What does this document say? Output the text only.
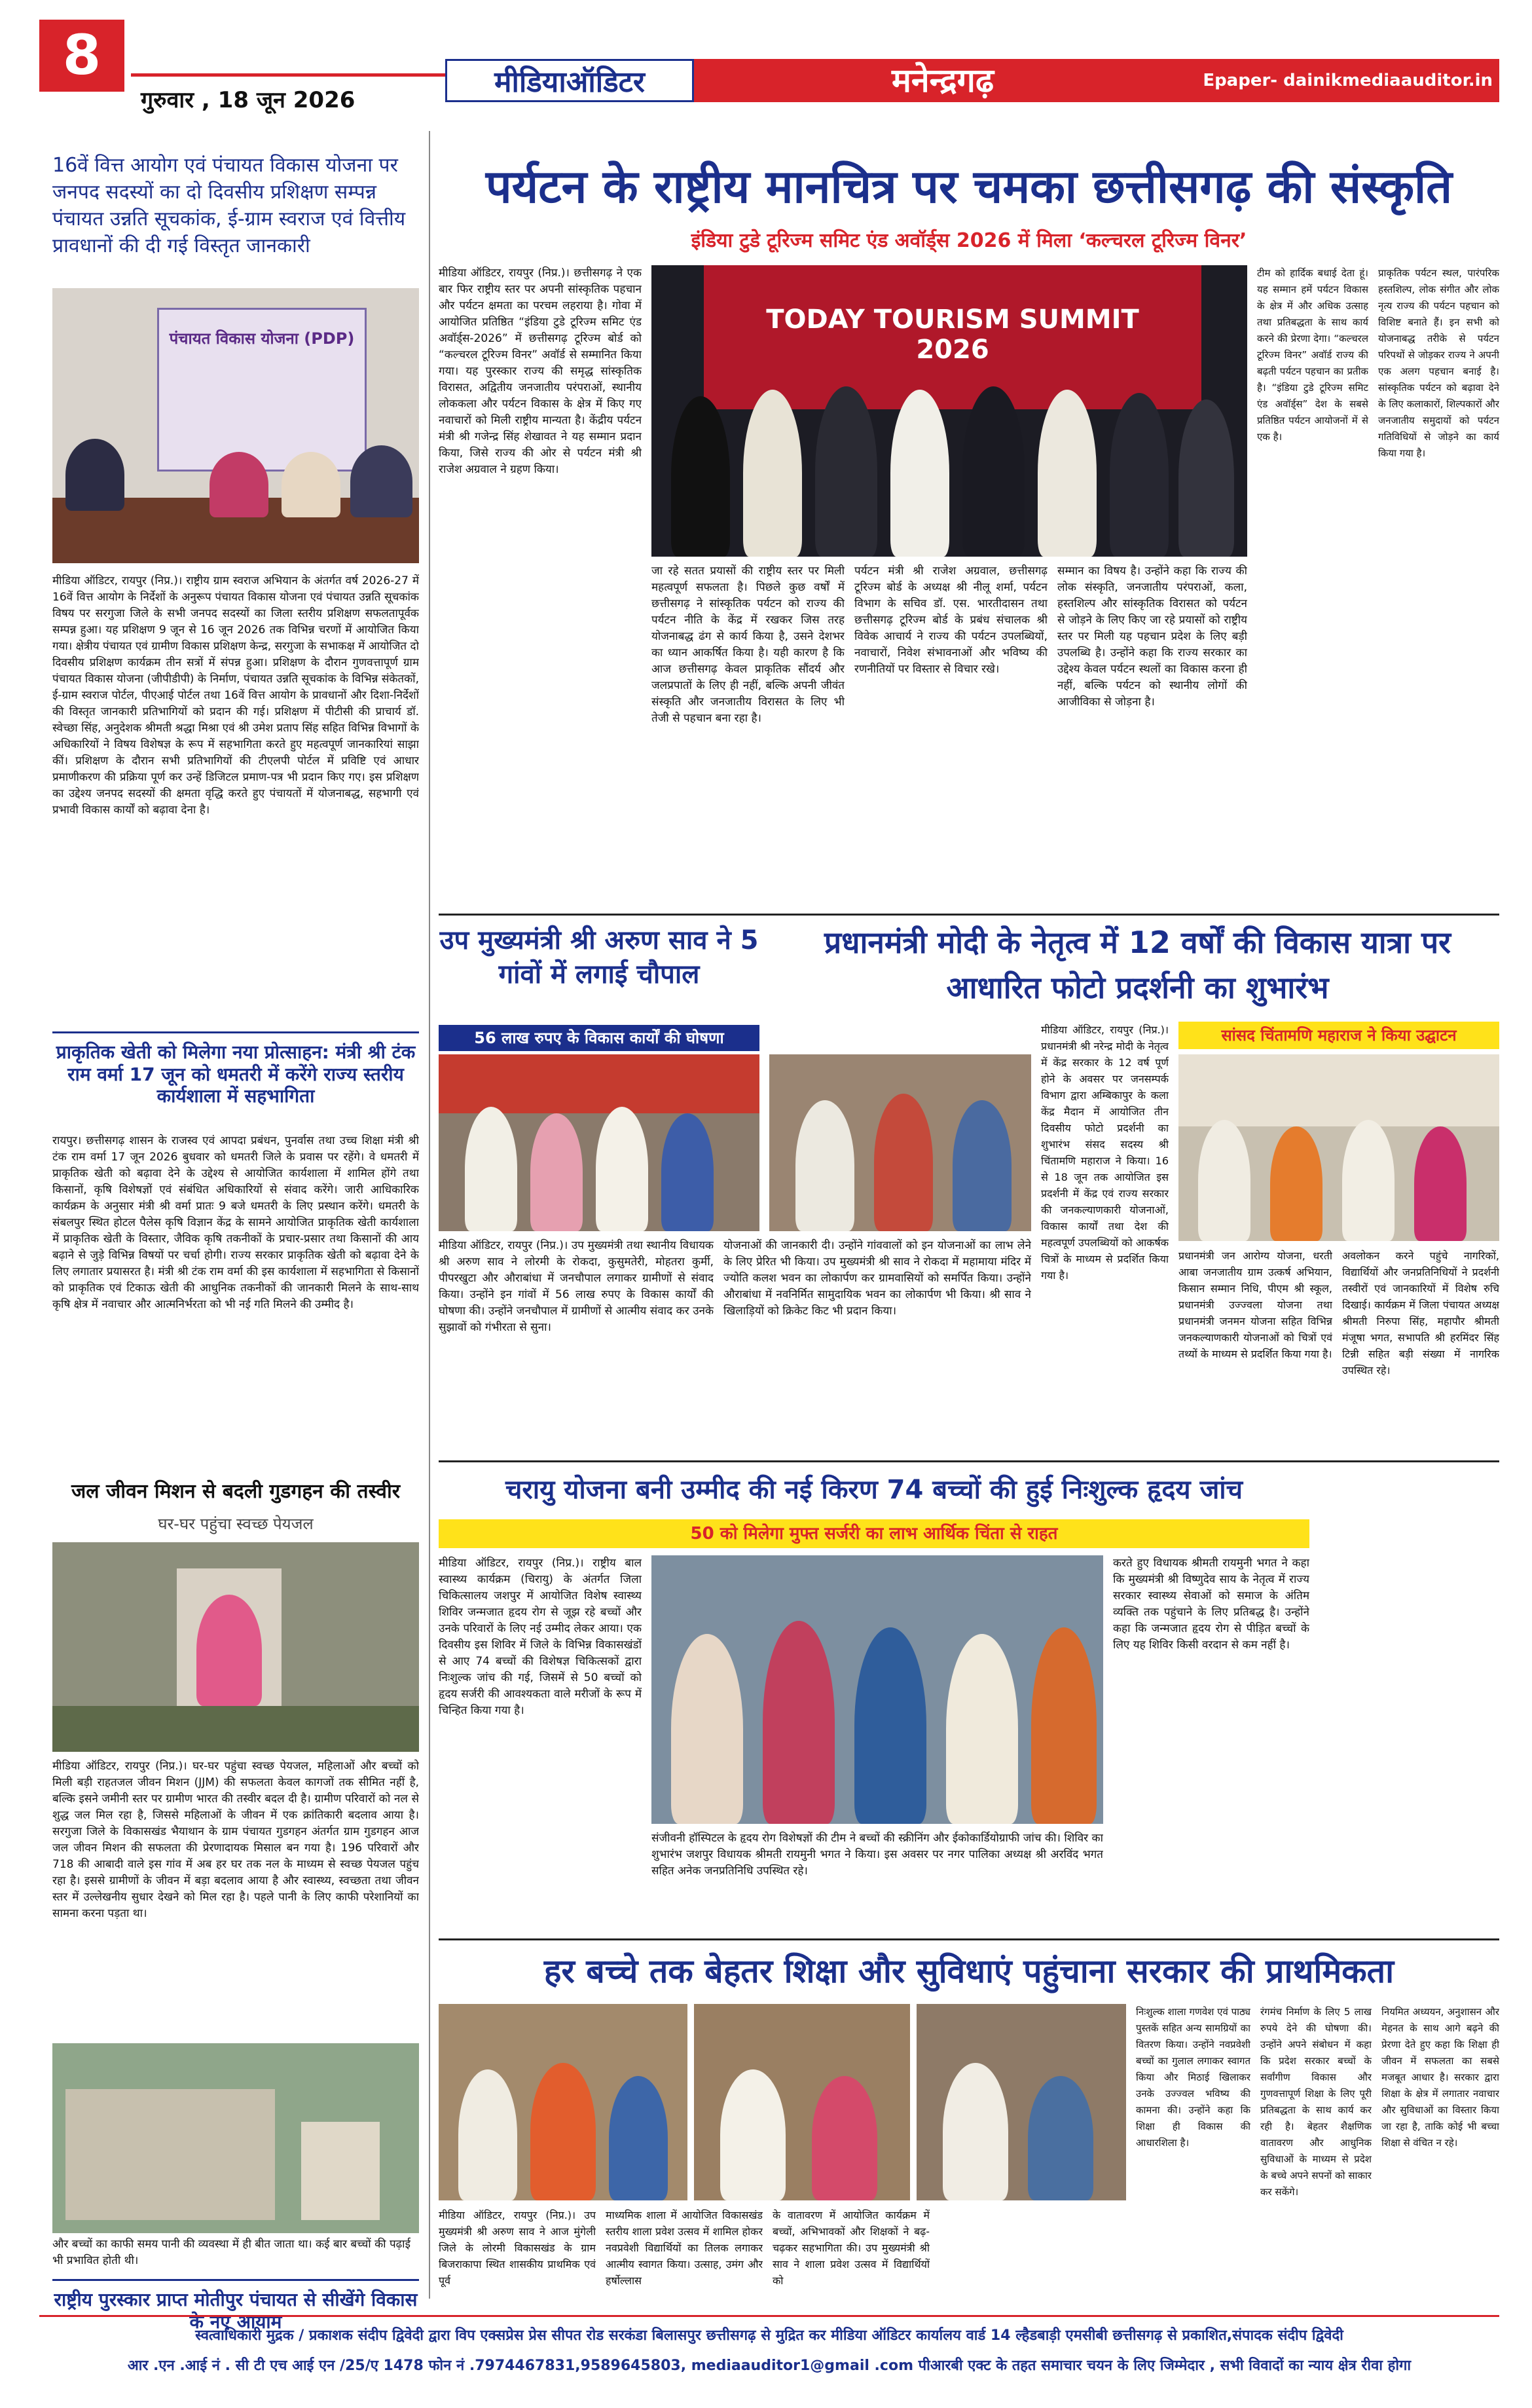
8
गुरुवार , 18 जून 2026
मीडियाऑडिटर	मनेन्द्रगढ़	Epaper- dainikmediaauditor.in
16वें वित्त आयोग एवं पंचायत विकास योजना पर जनपद सदस्यों का दो दिवसीय प्रशिक्षण सम्पन्न पंचायत उन्नति सूचकांक, ई-ग्राम स्वराज एवं वित्तीय प्रावधानों की दी गई विस्तृत जानकारी
पंचायत विकास योजना (PDP)
मीडिया ऑडिटर, रायपुर (निप्र.)। राष्ट्रीय ग्राम स्वराज अभियान के अंतर्गत वर्ष 2026-27 में 16वें वित्त आयोग के निर्देशों के अनुरूप पंचायत विकास योजना एवं पंचायत उन्नति सूचकांक विषय पर सरगुजा जिले के सभी जनपद सदस्यों का जिला स्तरीय प्रशिक्षण सफलतापूर्वक सम्पन्न हुआ। यह प्रशिक्षण 9 जून से 16 जून 2026 तक विभिन्न चरणों में आयोजित किया गया। क्षेत्रीय पंचायत एवं ग्रामीण विकास प्रशिक्षण केन्द्र, सरगुजा के सभाकक्ष में आयोजित दो दिवसीय प्रशिक्षण कार्यक्रम तीन सत्रों में संपन्न हुआ। प्रशिक्षण के दौरान गुणवत्तापूर्ण ग्राम पंचायत विकास योजना (जीपीडीपी) के निर्माण, पंचायत उन्नति सूचकांक के विभिन्न संकेतकों, ई-ग्राम स्वराज पोर्टल, पीएआई पोर्टल तथा 16वें वित्त आयोग के प्रावधानों और दिशा-निर्देशों की विस्तृत जानकारी प्रतिभागियों को प्रदान की गई। प्रशिक्षण में पीटीसी की प्राचार्य डॉ. स्वेच्छा सिंह, अनुदेशक श्रीमती श्रद्धा मिश्रा एवं श्री उमेश प्रताप सिंह सहित विभिन्न विभागों के अधिकारियों ने विषय विशेषज्ञ के रूप में सहभागिता करते हुए महत्वपूर्ण जानकारियां साझा कीं। प्रशिक्षण के दौरान सभी प्रतिभागियों की टीएलपी पोर्टल में प्रविष्टि एवं आधार प्रमाणीकरण की प्रक्रिया पूर्ण कर उन्हें डिजिटल प्रमाण-पत्र भी प्रदान किए गए। इस प्रशिक्षण का उद्देश्य जनपद सदस्यों की क्षमता वृद्धि करते हुए पंचायतों में योजनाबद्ध, सहभागी एवं प्रभावी विकास कार्यों को बढ़ावा देना है।
प्राकृतिक खेती को मिलेगा नया प्रोत्साहन: मंत्री श्री टंक राम वर्मा 17 जून को धमतरी में करेंगे राज्य स्तरीय कार्यशाला में सहभागिता
रायपुर। छत्तीसगढ़ शासन के राजस्व एवं आपदा प्रबंधन, पुनर्वास तथा उच्च शिक्षा मंत्री श्री टंक राम वर्मा 17 जून 2026 बुधवार को धमतरी जिले के प्रवास पर रहेंगे। वे धमतरी में प्राकृतिक खेती को बढ़ावा देने के उद्देश्य से आयोजित कार्यशाला में शामिल होंगे तथा किसानों, कृषि विशेषज्ञों एवं संबंधित अधिकारियों से संवाद करेंगे। जारी आधिकारिक कार्यक्रम के अनुसार मंत्री श्री वर्मा प्रातः 9 बजे धमतरी के लिए प्रस्थान करेंगे। धमतरी के संबलपुर स्थित होटल पैलेस कृषि विज्ञान केंद्र के सामने आयोजित प्राकृतिक खेती कार्यशाला में प्राकृतिक खेती के विस्तार, जैविक कृषि तकनीकों के प्रचार-प्रसार तथा किसानों की आय बढ़ाने से जुड़े विभिन्न विषयों पर चर्चा होगी। राज्य सरकार प्राकृतिक खेती को बढ़ावा देने के लिए लगातार प्रयासरत है। मंत्री श्री टंक राम वर्मा की इस कार्यशाला में सहभागिता से किसानों को प्राकृतिक एवं टिकाऊ खेती की आधुनिक तकनीकों की जानकारी मिलने के साथ-साथ कृषि क्षेत्र में नवाचार और आत्मनिर्भरता को भी नई गति मिलने की उम्मीद है।
जल जीवन मिशन से बदली गुडगहन की तस्वीर
घर-घर पहुंचा स्वच्छ पेयजल
मीडिया ऑडिटर, रायपुर (निप्र.)। घर-घर पहुंचा स्वच्छ पेयजल, महिलाओं और बच्चों को मिली बड़ी राहतजल जीवन मिशन (JJM) की सफलता केवल कागजों तक सीमित नहीं है, बल्कि इसने जमीनी स्तर पर ग्रामीण भारत की तस्वीर बदल दी है। ग्रामीण परिवारों को नल से शुद्ध जल मिल रहा है, जिससे महिलाओं के जीवन में एक क्रांतिकारी बदलाव आया है। सरगुजा जिले के विकासखंड भैयाथान के ग्राम पंचायत गुडगहन अंतर्गत ग्राम गुडगहन आज जल जीवन मिशन की सफलता की प्रेरणादायक मिसाल बन गया है। 196 परिवारों और 718 की आबादी वाले इस गांव में अब हर घर तक नल के माध्यम से स्वच्छ पेयजल पहुंच रहा है। इससे ग्रामीणों के जीवन में बड़ा बदलाव आया है और स्वास्थ्य, स्वच्छता तथा जीवन स्तर में उल्लेखनीय सुधार देखने को मिल रहा है। पहले पानी के लिए काफी परेशानियों का सामना करना पड़ता था।
और बच्चों का काफी समय पानी की व्यवस्था में ही बीत जाता था। कई बार बच्चों की पढ़ाई भी प्रभावित होती थी।
राष्ट्रीय पुरस्कार प्राप्त मोतीपुर पंचायत से सीखेंगे विकास के नए आयाम
पर्यटन के राष्ट्रीय मानचित्र पर चमका छत्तीसगढ़ की संस्कृति
इंडिया टुडे टूरिज्म समिट एंड अवॉर्ड्स 2026 में मिला ‘कल्चरल टूरिज्म विनर’
मीडिया ऑडिटर, रायपुर (निप्र.)। छत्तीसगढ़ ने एक बार फिर राष्ट्रीय स्तर पर अपनी सांस्कृतिक पहचान और पर्यटन क्षमता का परचम लहराया है। गोवा में आयोजित प्रतिष्ठित “इंडिया टुडे टूरिज्म समिट एंड अवॉर्ड्स-2026” में छत्तीसगढ़ टूरिज्म बोर्ड को “कल्चरल टूरिज्म विनर” अवॉर्ड से सम्मानित किया गया। यह पुरस्कार राज्य की समृद्ध सांस्कृतिक विरासत, अद्वितीय जनजातीय परंपराओं, स्थानीय लोककला और पर्यटन विकास के क्षेत्र में किए गए नवाचारों को मिली राष्ट्रीय मान्यता है। केंद्रीय पर्यटन मंत्री श्री गजेन्द्र सिंह शेखावत ने यह सम्मान प्रदान किया, जिसे राज्य की ओर से पर्यटन मंत्री श्री राजेश अग्रवाल ने ग्रहण किया।
TODAY TOURISM SUMMIT 2026
जा रहे सतत प्रयासों की राष्ट्रीय स्तर पर मिली महत्वपूर्ण सफलता है। पिछले कुछ वर्षों में छत्तीसगढ़ ने सांस्कृतिक पर्यटन को राज्य की पर्यटन नीति के केंद्र में रखकर जिस तरह योजनाबद्ध ढंग से कार्य किया है, उसने देशभर का ध्यान आकर्षित किया है। यही कारण है कि आज छत्तीसगढ़ केवल प्राकृतिक सौंदर्य और जलप्रपातों के लिए ही नहीं, बल्कि अपनी जीवंत संस्कृति और जनजातीय विरासत के लिए भी तेजी से पहचान बना रहा है।
पर्यटन मंत्री श्री राजेश अग्रवाल, छत्तीसगढ़ टूरिज्म बोर्ड के अध्यक्ष श्री नीलू शर्मा, पर्यटन विभाग के सचिव डॉ. एस. भारतीदासन तथा छत्तीसगढ़ टूरिज्म बोर्ड के प्रबंध संचालक श्री विवेक आचार्य ने राज्य की पर्यटन उपलब्धियों, नवाचारों, निवेश संभावनाओं और भविष्य की रणनीतियों पर विस्तार से विचार रखे।
सम्मान का विषय है। उन्होंने कहा कि राज्य की लोक संस्कृति, जनजातीय परंपराओं, कला, हस्तशिल्प और सांस्कृतिक विरासत को पर्यटन से जोड़ने के लिए किए जा रहे प्रयासों को राष्ट्रीय स्तर पर मिली यह पहचान प्रदेश के लिए बड़ी उपलब्धि है। उन्होंने कहा कि राज्य सरकार का उद्देश्य केवल पर्यटन स्थलों का विकास करना ही नहीं, बल्कि पर्यटन को स्थानीय लोगों की आजीविका से जोड़ना है।
टीम को हार्दिक बधाई देता हूं। यह सम्मान हमें पर्यटन विकास के क्षेत्र में और अधिक उत्साह तथा प्रतिबद्धता के साथ कार्य करने की प्रेरणा देगा। “कल्चरल टूरिज्म विनर” अवॉर्ड राज्य की बढ़ती पर्यटन पहचान का प्रतीक है। “इंडिया टुडे टूरिज्म समिट एंड अवॉर्ड्स” देश के सबसे प्रतिष्ठित पर्यटन आयोजनों में से एक है।
प्राकृतिक पर्यटन स्थल, पारंपरिक हस्तशिल्प, लोक संगीत और लोक नृत्य राज्य की पर्यटन पहचान को विशिष्ट बनाते हैं। इन सभी को योजनाबद्ध तरीके से पर्यटन परिपथों से जोड़कर राज्य ने अपनी एक अलग पहचान बनाई है। सांस्कृतिक पर्यटन को बढ़ावा देने के लिए कलाकारों, शिल्पकारों और जनजातीय समुदायों को पर्यटन गतिविधियों से जोड़ने का कार्य किया गया है।
उप मुख्यमंत्री श्री अरुण साव ने 5 गांवों में लगाई चौपाल
56 लाख रुपए के विकास कार्यों की घोषणा
मीडिया ऑडिटर, रायपुर (निप्र.)। उप मुख्यमंत्री तथा स्थानीय विधायक श्री अरुण साव ने लोरमी के रोकदा, कुसुमतेरी, मोहतरा कुर्मी, पीपरखुटा और औराबांधा में जनचौपाल लगाकर ग्रामीणों से संवाद किया। उन्होंने इन गांवों में 56 लाख रुपए के विकास कार्यों की घोषणा की। उन्होंने जनचौपाल में ग्रामीणों से आत्मीय संवाद कर उनके सुझावों को गंभीरता से सुना।
योजनाओं की जानकारी दी। उन्होंने गांववालों को इन योजनाओं का लाभ लेने के लिए प्रेरित भी किया। उप मुख्यमंत्री श्री साव ने रोकदा में महामाया मंदिर में ज्योति कलश भवन का लोकार्पण कर ग्रामवासियों को समर्पित किया। उन्होंने औराबांधा में नवनिर्मित सामुदायिक भवन का लोकार्पण भी किया। श्री साव ने खिलाड़ियों को क्रिकेट किट भी प्रदान किया।
प्रधानमंत्री मोदी के नेतृत्व में 12 वर्षों की विकास यात्रा पर आधारित फोटो प्रदर्शनी का शुभारंभ
मीडिया ऑडिटर, रायपुर (निप्र.)। प्रधानमंत्री श्री नरेन्द्र मोदी के नेतृत्व में केंद्र सरकार के 12 वर्ष पूर्ण होने के अवसर पर जनसम्पर्क विभाग द्वारा अम्बिकापुर के कला केंद्र मैदान में आयोजित तीन दिवसीय फोटो प्रदर्शनी का शुभारंभ संसद सदस्य श्री चिंतामणि महाराज ने किया। 16 से 18 जून तक आयोजित इस प्रदर्शनी में केंद्र एवं राज्य सरकार की जनकल्याणकारी योजनाओं, विकास कार्यों तथा देश की महत्वपूर्ण उपलब्धियों को आकर्षक चित्रों के माध्यम से प्रदर्शित किया गया है।
सांसद चिंतामणि महाराज ने किया उद्घाटन
प्रधानमंत्री जन आरोग्य योजना, धरती आबा जनजातीय ग्राम उत्कर्ष अभियान, किसान सम्मान निधि, पीएम श्री स्कूल, प्रधानमंत्री उज्ज्वला योजना तथा प्रधानमंत्री जनमन योजना सहित विभिन्न जनकल्याणकारी योजनाओं को चित्रों एवं तथ्यों के माध्यम से प्रदर्शित किया गया है।
अवलोकन करने पहुंचे नागरिकों, विद्यार्थियों और जनप्रतिनिधियों ने प्रदर्शनी तस्वीरों एवं जानकारियों में विशेष रुचि दिखाई। कार्यक्रम में जिला पंचायत अध्यक्ष श्रीमती निरुपा सिंह, महापौर श्रीमती मंजूषा भगत, सभापति श्री हरमिंदर सिंह टिन्नी सहित बड़ी संख्या में नागरिक उपस्थित रहे।
चरायु योजना बनी उम्मीद की नई किरण 74 बच्चों की हुई निःशुल्क हृदय जांच
50 को मिलेगा मुफ्त सर्जरी का लाभ आर्थिक चिंता से राहत
मीडिया ऑडिटर, रायपुर (निप्र.)। राष्ट्रीय बाल स्वास्थ्य कार्यक्रम (चिरायु) के अंतर्गत जिला चिकित्सालय जशपुर में आयोजित विशेष स्वास्थ्य शिविर जन्मजात हृदय रोग से जूझ रहे बच्चों और उनके परिवारों के लिए नई उम्मीद लेकर आया। एक दिवसीय इस शिविर में जिले के विभिन्न विकासखंडों से आए 74 बच्चों की विशेषज्ञ चिकित्सकों द्वारा निःशुल्क जांच की गई, जिसमें से 50 बच्चों को हृदय सर्जरी की आवश्यकता वाले मरीजों के रूप में चिन्हित किया गया है।
करते हुए विधायक श्रीमती रायमुनी भगत ने कहा कि मुख्यमंत्री श्री विष्णुदेव साय के नेतृत्व में राज्य सरकार स्वास्थ्य सेवाओं को समाज के अंतिम व्यक्ति तक पहुंचाने के लिए प्रतिबद्ध है। उन्होंने कहा कि जन्मजात हृदय रोग से पीड़ित बच्चों के लिए यह शिविर किसी वरदान से कम नहीं है।
संजीवनी हॉस्पिटल के हृदय रोग विशेषज्ञों की टीम ने बच्चों की स्क्रीनिंग और ईकोकार्डियोग्राफी जांच की। शिविर का शुभारंभ जशपुर विधायक श्रीमती रायमुनी भगत ने किया। इस अवसर पर नगर पालिका अध्यक्ष श्री अरविंद भगत सहित अनेक जनप्रतिनिधि उपस्थित रहे।
हर बच्चे तक बेहतर शिक्षा और सुविधाएं पहुंचाना सरकार की प्राथमिकता
मीडिया ऑडिटर, रायपुर (निप्र.)। उप मुख्यमंत्री श्री अरुण साव ने आज मुंगेली जिले के लोरमी विकासखंड के ग्राम बिजराकापा स्थित शासकीय प्राथमिक एवं पूर्व
माध्यमिक शाला में आयोजित विकासखंड स्तरीय शाला प्रवेश उत्सव में शामिल होकर नवप्रवेशी विद्यार्थियों का तिलक लगाकर आत्मीय स्वागत किया। उत्साह, उमंग और हर्षोल्लास
के वातावरण में आयोजित कार्यक्रम में बच्चों, अभिभावकों और शिक्षकों ने बढ़-चढ़कर सहभागिता की। उप मुख्यमंत्री श्री साव ने शाला प्रवेश उत्सव में विद्यार्थियों को
निःशुल्क शाला गणवेश एवं पाठ्य पुस्तकें सहित अन्य सामग्रियों का वितरण किया। उन्होंने नवप्रवेशी बच्चों का गुलाल लगाकर स्वागत किया और मिठाई खिलाकर उनके उज्ज्वल भविष्य की कामना की। उन्होंने कहा कि शिक्षा ही विकास की आधारशिला है।
रंगमंच निर्माण के लिए 5 लाख रुपये देने की घोषणा की। उन्होंने अपने संबोधन में कहा कि प्रदेश सरकार बच्चों के सर्वांगीण विकास और गुणवत्तापूर्ण शिक्षा के लिए पूरी प्रतिबद्धता के साथ कार्य कर रही है। बेहतर शैक्षणिक वातावरण और आधुनिक सुविधाओं के माध्यम से प्रदेश के बच्चे अपने सपनों को साकार कर सकेंगे।
नियमित अध्ययन, अनुशासन और मेहनत के साथ आगे बढ़ने की प्रेरणा देते हुए कहा कि शिक्षा ही जीवन में सफलता का सबसे मजबूत आधार है। सरकार द्वारा शिक्षा के क्षेत्र में लगातार नवाचार और सुविधाओं का विस्तार किया जा रहा है, ताकि कोई भी बच्चा शिक्षा से वंचित न रहे।
स्वत्वाधिकारी मुद्रक / प्रकाशक संदीप द्विवेदी द्वारा विप एक्सप्रेस प्रेस सीपत रोड सरकंडा बिलासपुर छत्तीसगढ़ से मुद्रित कर मीडिया ऑडिटर कार्यालय वार्ड 14 ल्हैडबाड़ी एमसीबी छत्तीसगढ़ से प्रकाशित,संपादक संदीप द्विवेदी
आर .एन .आई नं . सी टी एच आई एन /25/ए 1478 फोन नं .7974467831,9589645803, mediaauditor1@gmail .com पीआरबी एक्ट के तहत समाचार चयन के लिए जिम्मेदार , सभी विवादों का न्याय क्षेत्र रीवा होगा
